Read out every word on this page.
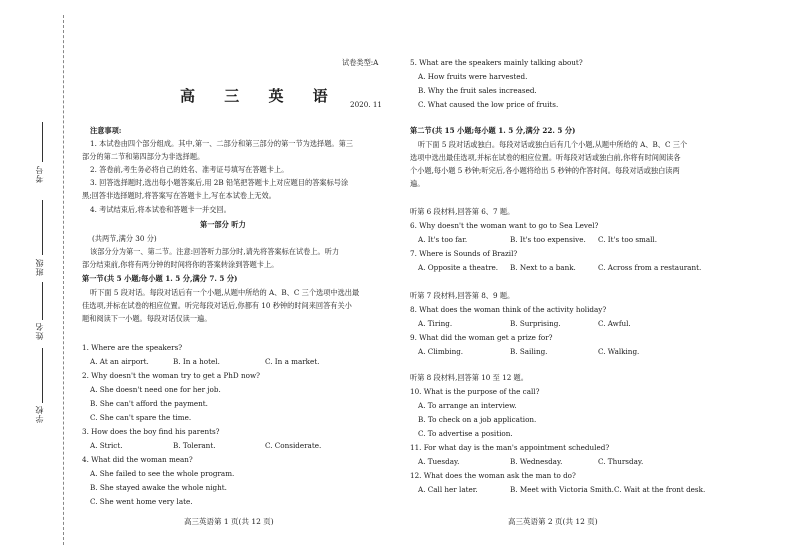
考号
班级
姓名
学校
试卷类型:A
高 三 英 语 2020. 11
注意事项:
1. 本试卷由四个部分组成。其中,第一、二部分和第三部分的第一节为选择题。第三
部分的第二节和第四部分为非选择题。
2. 答卷前,考生务必将自己的姓名、准考证号填写在答题卡上。
3. 回答选择题时,选出每小题答案后,用 2B 铅笔把答题卡上对应题目的答案标号涂
黑;回答非选择题时,将答案写在答题卡上,写在本试卷上无效。
4. 考试结束后,将本试卷和答题卡一并交回。
第一部分 听力
(共两节,满分 30 分)
该部分分为第一、第二节。注意:回答听力部分时,请先将答案标在试卷上。听力
部分结束前,你将有两分钟的时间将你的答案转涂到答题卡上。
第一节(共 5 小题;每小题 1. 5 分,满分 7. 5 分)
听下面 5 段对话。每段对话后有一个小题,从题中所给的 A、B、C 三个选项中选出最
佳选项,并标在试卷的相应位置。听完每段对话后,你都有 10 秒钟的时间来回答有关小
题和阅读下一小题。每段对话仅读一遍。
1. Where are the speakers?
A. At an airport.	B. In a hotel.	C. In a market.
2. Why doesn't the woman try to get a PhD now?
A. She doesn't need one for her job.
B. She can't afford the payment.
C. She can't spare the time.
3. How does the boy find his parents?
A. Strict.	B. Tolerant.	C. Considerate.
4. What did the woman mean?
A. She failed to see the whole program.
B. She stayed awake the whole night.
C. She went home very late.
高三英语第 1 页(共 12 页)
5. What are the speakers mainly talking about?
A. How fruits were harvested.
B. Why the fruit sales increased.
C. What caused the low price of fruits.
第二节(共 15 小题;每小题 1. 5 分,满分 22. 5 分)
听下面 5 段对话或独白。每段对话或独白后有几个小题,从题中所给的 A、B、C 三个
选项中选出最佳选项,并标在试卷的相应位置。听每段对话或独白前,你将有时间阅读各
个小题,每小题 5 秒钟;听完后,各小题将给出 5 秒钟的作答时间。每段对话或独白读两
遍。
听第 6 段材料,回答第 6、7 题。
6. Why doesn't the woman want to go to Sea Level?
A. It's too far.	B. It's too expensive. C. It's too small.
7. Where is Sounds of Brazil?
A. Opposite a theatre. B. Next to a bank.	C. Across from a restaurant.
听第 7 段材料,回答第 8、9 题。
8. What does the woman think of the activity holiday?
A. Tiring.	B. Surprising.	C. Awful.
9. What did the woman get a prize for?
A. Climbing.	B. Sailing.	C. Walking.
听第 8 段材料,回答第 10 至 12 题。
10. What is the purpose of the call?
A. To arrange an interview.
B. To check on a job application.
C. To advertise a position.
11. For what day is the man's appointment scheduled?
A. Tuesday.	B. Wednesday.	C. Thursday.
12. What does the woman ask the man to do?
A. Call her later.	B. Meet with Victoria Smith. C. Wait at the front desk.
高三英语第 2 页(共 12 页)
